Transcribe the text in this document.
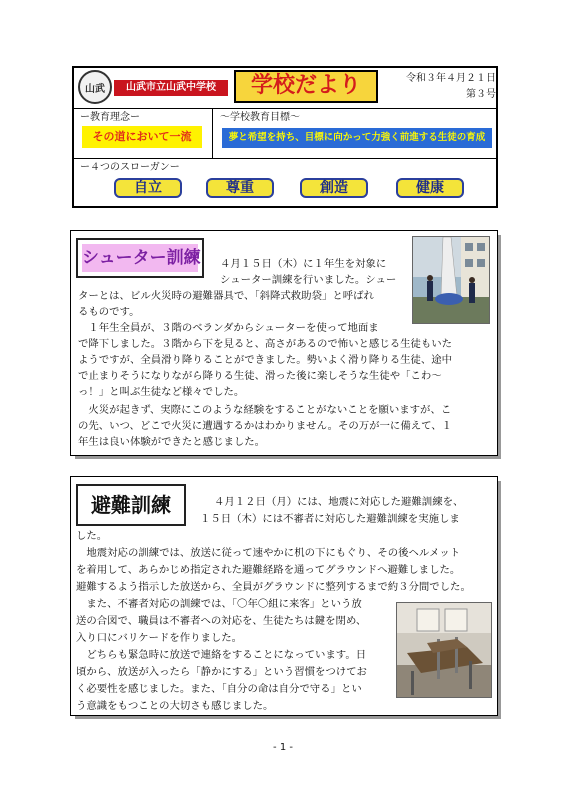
山武	山武市立山武中学校	学校だより	令和３年４月２１日
第３号
ー教育理念ー
その道において一流
～学校教育目標～
夢と希望を持ち、目標に向かって力強く前進する生徒の育成
ー４つのスローガンー
自立	尊重	創造	健康
シューター訓練 ４月１５日（木）に１年生を対象に
シューター訓練を行いました。シュー
ターとは、ビル火災時の避難器具で、「斜降式救助袋」と呼ばれ
るものです。
　１年生全員が、３階のベランダからシューターを使って地面ま
で降下しました。３階から下を見ると、高さがあるので怖いと感じる生徒もいた
ようですが、全員滑り降りることができました。勢いよく滑り降りる生徒、途中
で止まりそうになりながら降りる生徒、滑った後に楽しそうな生徒や「こわ～
っ！」と叫ぶ生徒など様々でした。
　火災が起きず、実際にこのような経験をすることがないことを願いますが、こ
の先、いつ、どこで火災に遭遇するかはわかりません。その万が一に備えて、１
年生は良い体験ができたと感じました。
避難訓練	４月１２日（月）には、地震に対応した避難訓練を、
１５日（木）には不審者に対応した避難訓練を実施しま
した。
　地震対応の訓練では、放送に従って速やかに机の下にもぐり、その後ヘルメット
を着用して、あらかじめ指定された避難経路を通ってグラウンドへ避難しました。
避難するよう指示した放送から、全員がグラウンドに整列するまで約３分間でした。
　また、不審者対応の訓練では、「〇年〇組に来客」という放
送の合図で、職員は不審者への対応を、生徒たちは鍵を閉め、
入り口にバリケードを作りました。
　どちらも緊急時に放送で連絡をすることになっています。日
頃から、放送が入ったら「静かにする」という習慣をつけてお
く必要性を感じました。また、「自分の命は自分で守る」とい
う意識をもつことの大切さも感じました。
- 1 -
